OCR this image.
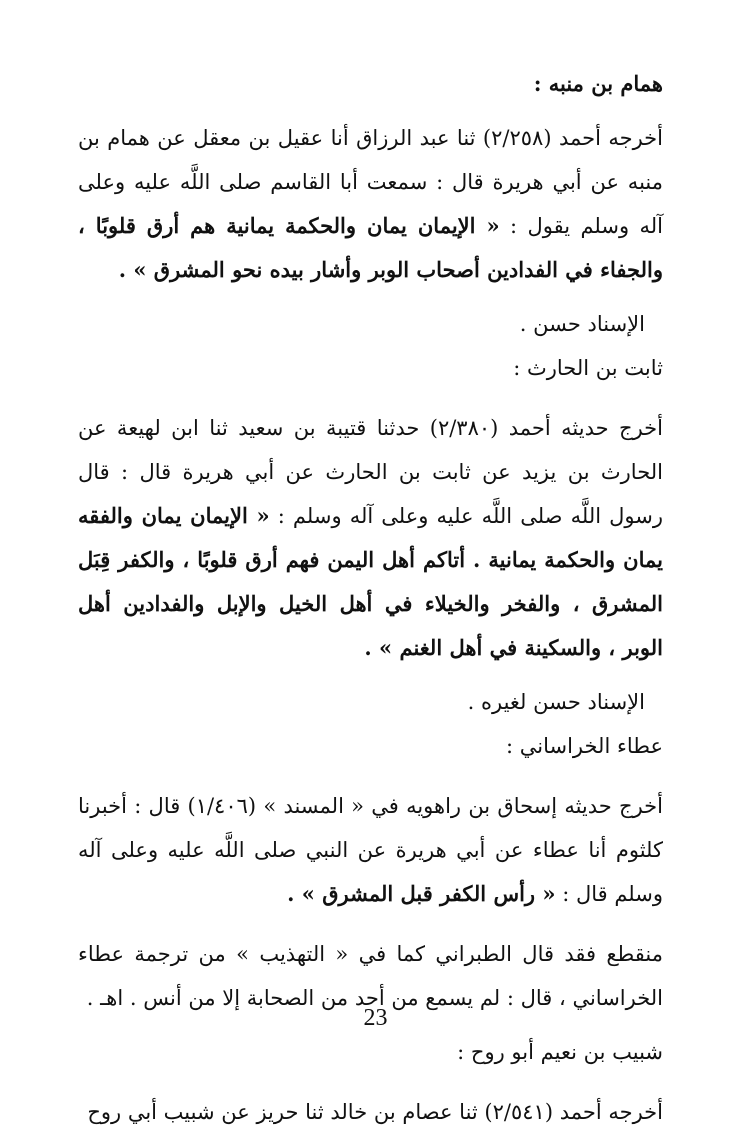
همام بن منبه :

أخرجه أحمد (٢/٢٥٨) ثنا عبد الرزاق أنا عقيل بن معقل عن همام بن منبه عن أبي هريرة قال : سمعت أبا القاسم صلى اللَّه عليه وعلى آله وسلم يقول : « الإيمان يمان والحكمة يمانية هم أرق قلوبًا ، والجفاء في الفدادين أصحاب الوبر وأشار بيده نحو المشرق » .

الإسناد حسن .

ثابت بن الحارث :

أخرج حديثه أحمد (٢/٣٨٠) حدثنا قتيبة بن سعيد ثنا ابن لهيعة عن الحارث بن يزيد عن ثابت بن الحارث عن أبي هريرة قال : قال رسول اللَّه صلى اللَّه عليه وعلى آله وسلم : « الإيمان يمان والفقه يمان والحكمة يمانية . أتاكم أهل اليمن فهم أرق قلوبًا ، والكفر قِبَل المشرق ، والفخر والخيلاء في أهل الخيل والإبل والفدادين أهل الوبر ، والسكينة في أهل الغنم » .

الإسناد حسن لغيره .

عطاء الخراساني :

أخرج حديثه إسحاق بن راهويه في « المسند » (١/٤٠٦) قال : أخبرنا كلثوم أنا عطاء عن أبي هريرة عن النبي صلى اللَّه عليه وعلى آله وسلم قال : « رأس الكفر قبل المشرق » .

منقطع فقد قال الطبراني كما في « التهذيب » من ترجمة عطاء الخراساني ، قال : لم يسمع من أحد من الصحابة إلا من أنس . اهـ .

شبيب بن نعيم أبو روح :

أخرجه أحمد (٢/٥٤١) ثنا عصام بن خالد ثنا حريز عن شبيب أبي روح

23
